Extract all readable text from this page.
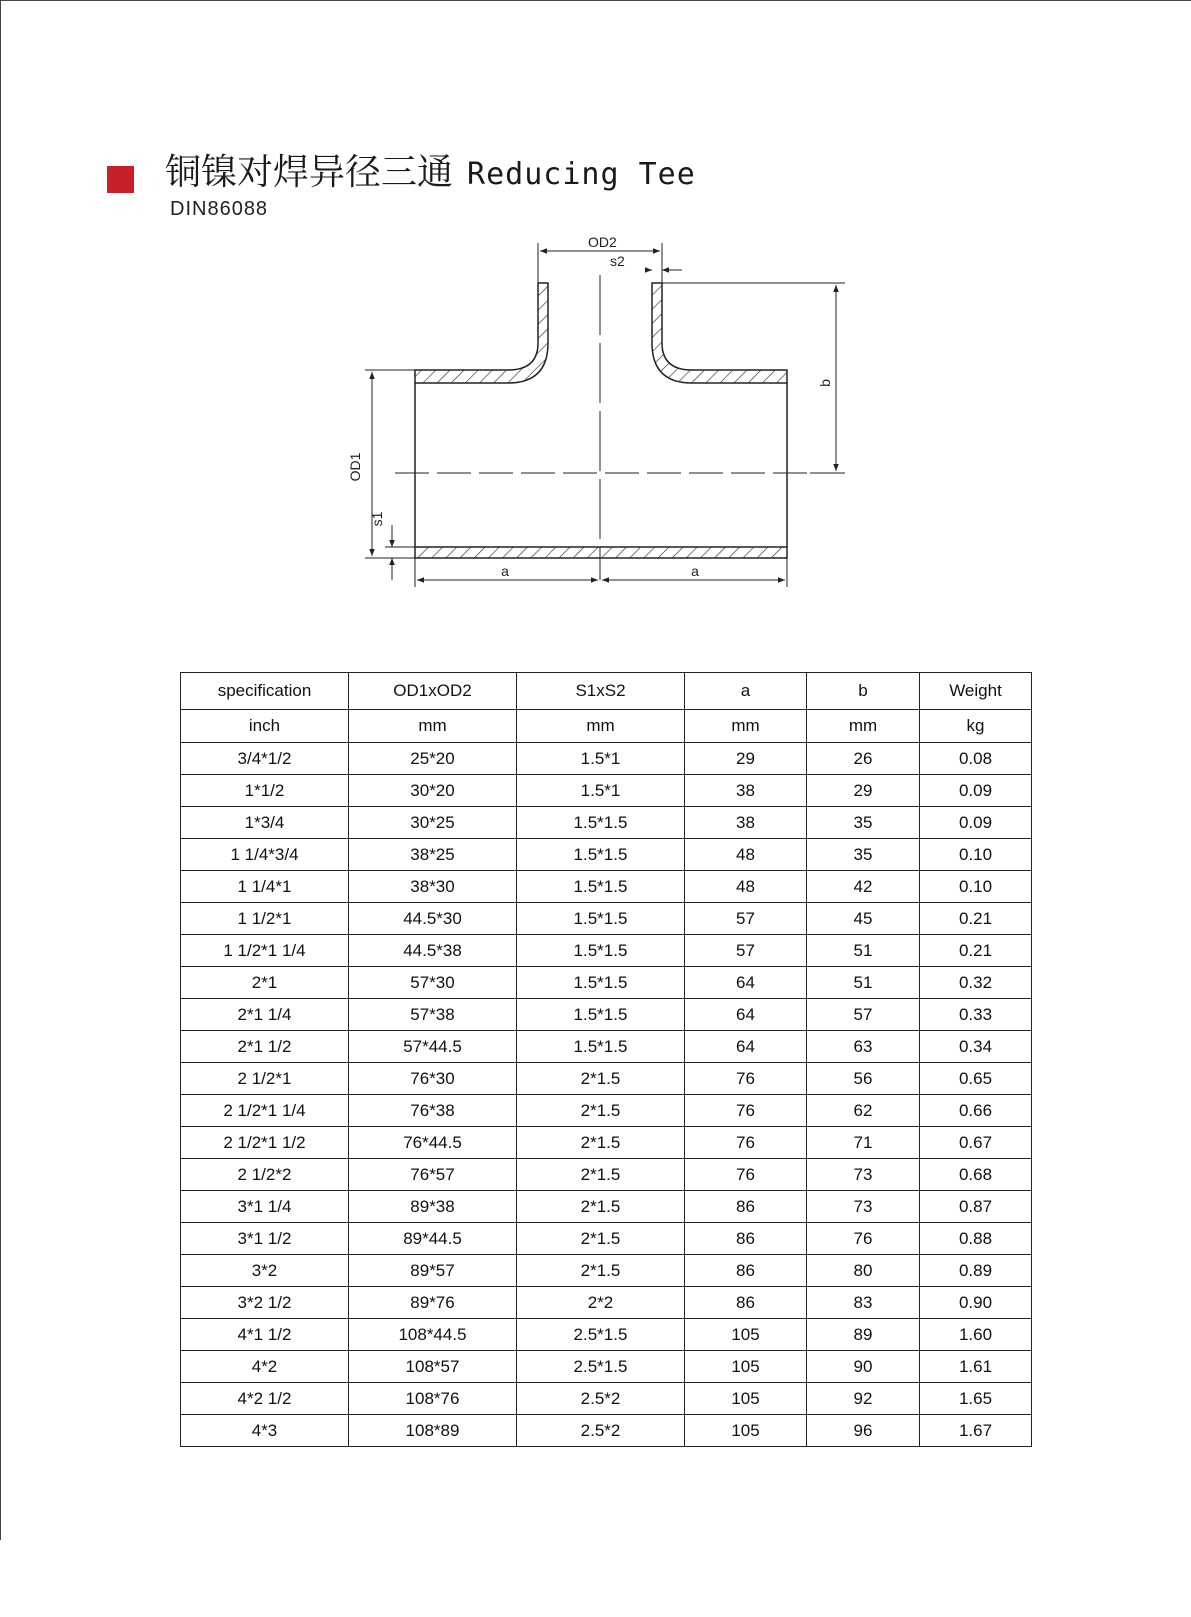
铜镍对焊异径三通 Reducing Tee
DIN86088
OD2
s2
b
OD1
s1
a	a
specification	OD1xOD2	S1xS2	a	b	Weight
inch	mm	mm	mm	mm	kg
3/4*1/2	25*20	1.5*1	29	26	0.08
1*1/2	30*20	1.5*1	38	29	0.09
1*3/4	30*25	1.5*1.5	38	35	0.09
1 1/4*3/4	38*25	1.5*1.5	48	35	0.10
1 1/4*1	38*30	1.5*1.5	48	42	0.10
1 1/2*1	44.5*30	1.5*1.5	57	45	0.21
1 1/2*1 1/4	44.5*38	1.5*1.5	57	51	0.21
2*1	57*30	1.5*1.5	64	51	0.32
2*1 1/4	57*38	1.5*1.5	64	57	0.33
2*1 1/2	57*44.5	1.5*1.5	64	63	0.34
2 1/2*1	76*30	2*1.5	76	56	0.65
2 1/2*1 1/4	76*38	2*1.5	76	62	0.66
2 1/2*1 1/2	76*44.5	2*1.5	76	71	0.67
2 1/2*2	76*57	2*1.5	76	73	0.68
3*1 1/4	89*38	2*1.5	86	73	0.87
3*1 1/2	89*44.5	2*1.5	86	76	0.88
3*2	89*57	2*1.5	86	80	0.89
3*2 1/2	89*76	2*2	86	83	0.90
4*1 1/2	108*44.5	2.5*1.5	105	89	1.60
4*2	108*57	2.5*1.5	105	90	1.61
4*2 1/2	108*76	2.5*2	105	92	1.65
4*3	108*89	2.5*2	105	96	1.67
